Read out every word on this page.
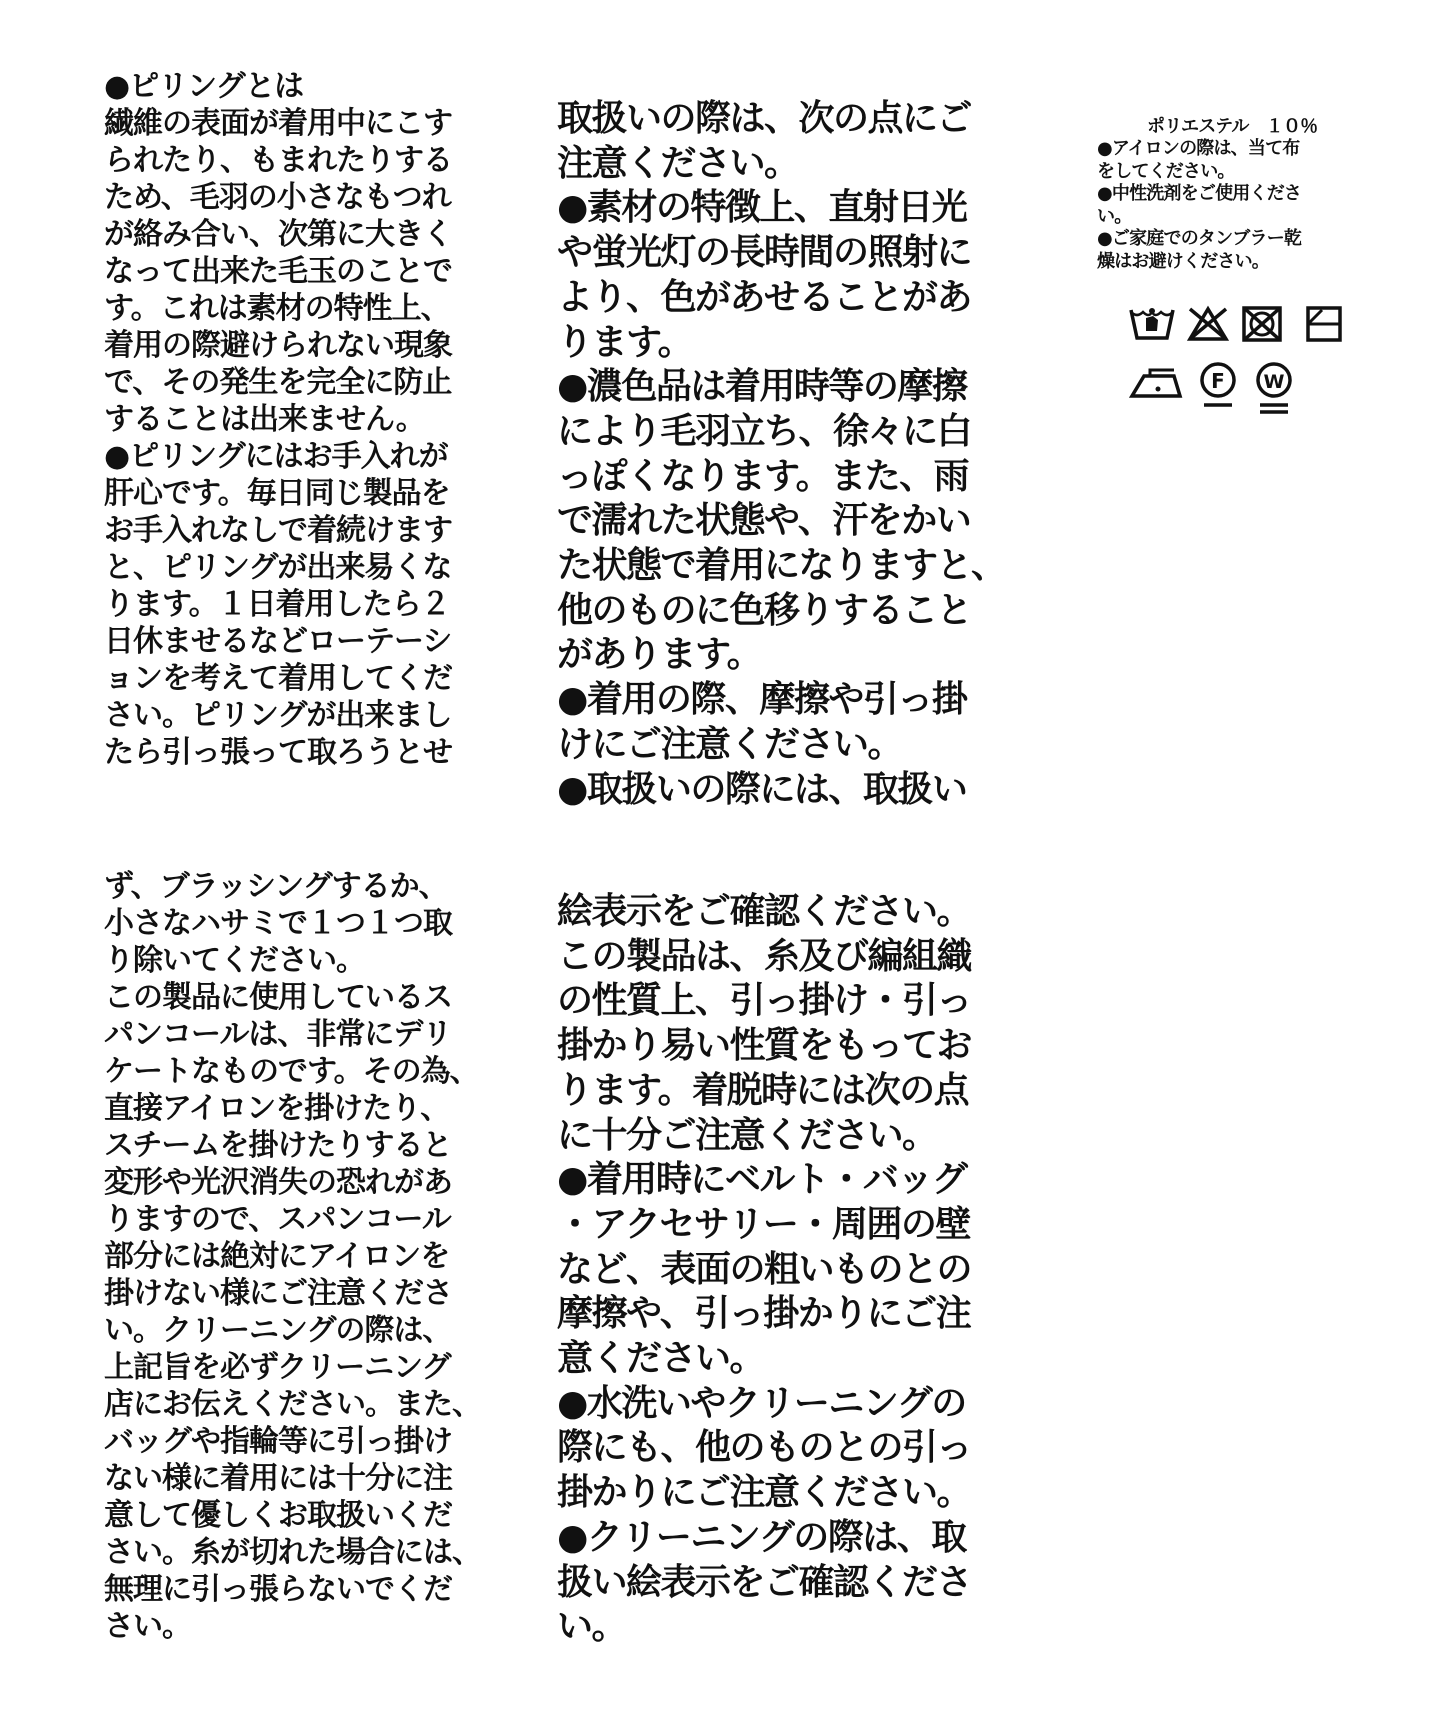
●ピリングとは
繊維の表面が着用中にこす
られたり、もまれたりする
ため、毛羽の小さなもつれ
が絡み合い、次第に大きく
なって出来た毛玉のことで
す。これは素材の特性上、
着用の際避けられない現象
で、その発生を完全に防止
することは出来ません。
●ピリングにはお手入れが
肝心です。毎日同じ製品を
お手入れなしで着続けます
と、ピリングが出来易くな
ります。１日着用したら２
日休ませるなどローテーシ
ョンを考えて着用してくだ
さい。ピリングが出来まし
たら引っ張って取ろうとせ
ず、ブラッシングするか、
小さなハサミで１つ１つ取
り除いてください。
この製品に使用しているス
パンコールは、非常にデリ
ケートなものです。その為、
直接アイロンを掛けたり、
スチームを掛けたりすると
変形や光沢消失の恐れがあ
りますので、スパンコール
部分には絶対にアイロンを
掛けない様にご注意くださ
い。クリーニングの際は、
上記旨を必ずクリーニング
店にお伝えください。また、
バッグや指輪等に引っ掛け
ない様に着用には十分に注
意して優しくお取扱いくだ
さい。糸が切れた場合には、
無理に引っ張らないでくだ
さい。
取扱いの際は、次の点にご
注意ください。
●素材の特徴上、直射日光
や蛍光灯の長時間の照射に
より、色があせることがあ
ります。
●濃色品は着用時等の摩擦
により毛羽立ち、徐々に白
っぽくなります。また、雨
で濡れた状態や、汗をかい
た状態で着用になりますと、
他のものに色移りすること
があります。
●着用の際、摩擦や引っ掛
けにご注意ください。
●取扱いの際には、取扱い
絵表示をご確認ください。
この製品は、糸及び編組織
の性質上、引っ掛け・引っ
掛かり易い性質をもってお
ります。着脱時には次の点
に十分ご注意ください。
●着用時にベルト・バッグ
・アクセサリー・周囲の壁
など、表面の粗いものとの
摩擦や、引っ掛かりにご注
意ください。
●水洗いやクリーニングの
際にも、他のものとの引っ
掛かりにご注意ください。
●クリーニングの際は、取
扱い絵表示をご確認くださ
い。
ポリエステル　１０％
●アイロンの際は、当て布
をしてください。
●中性洗剤をご使用くださ
い。
●ご家庭でのタンブラー乾
燥はお避けください。
F W
